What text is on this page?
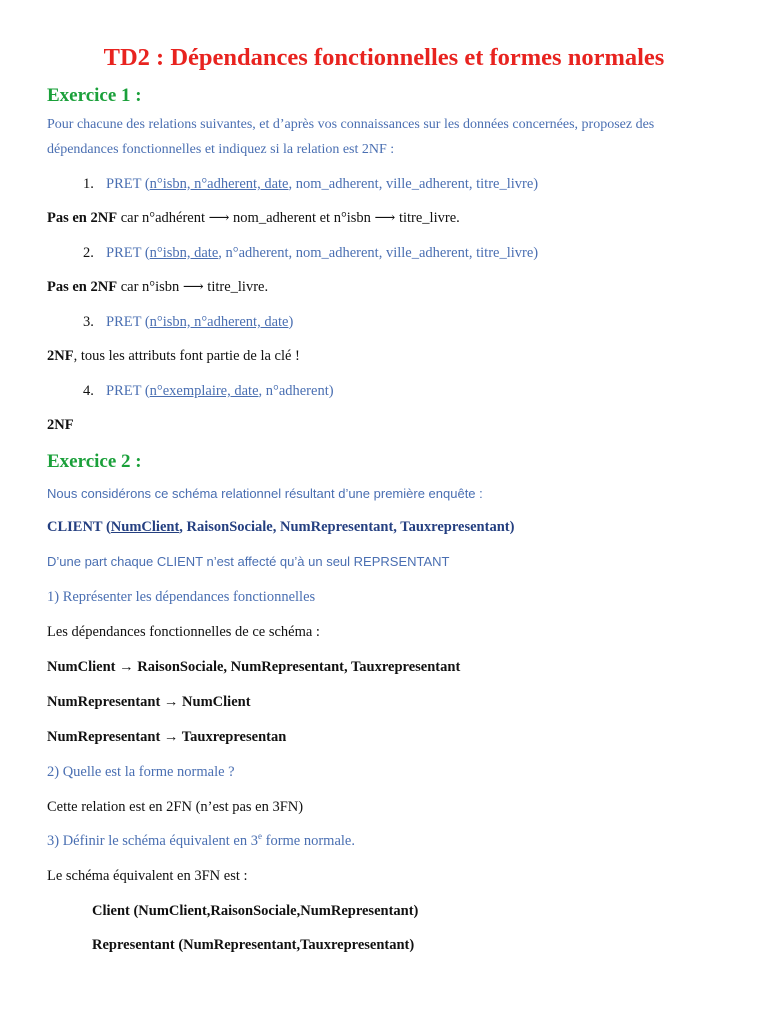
TD2 : Dépendances fonctionnelles et formes normales
Exercice 1 :
Pour chacune des relations suivantes, et d’après vos connaissances sur les données concernées, proposez des
dépendances fonctionnelles et indiquez si la relation est 2NF :
1. PRET (n°isbn, n°adherent, date, nom_adherent, ville_adherent, titre_livre)
Pas en 2NF car n°adhérent ⟶ nom_adherent et n°isbn ⟶ titre_livre.
2. PRET (n°isbn, date, n°adherent, nom_adherent, ville_adherent, titre_livre)
Pas en 2NF car n°isbn ⟶ titre_livre.
3. PRET (n°isbn, n°adherent, date)
2NF, tous les attributs font partie de la clé !
4. PRET (n°exemplaire, date, n°adherent)
2NF
Exercice 2 :
Nous considérons ce schéma relationnel résultant d’une première enquête :
CLIENT (NumClient, RaisonSociale, NumRepresentant, Tauxrepresentant)
D’une part chaque CLIENT n’est affecté qu’à un seul REPRSENTANT
1) Représenter les dépendances fonctionnelles
Les dépendances fonctionnelles de ce schéma :
NumClient → RaisonSociale, NumRepresentant, Tauxrepresentant
NumRepresentant → NumClient
NumRepresentant → Tauxrepresentan
2) Quelle est la forme normale ?
Cette relation est en 2FN (n’est pas en 3FN)
3) Définir le schéma équivalent en 3e forme normale.
Le schéma équivalent en 3FN est :
Client (NumClient,RaisonSociale,NumRepresentant)
Representant (NumRepresentant,Tauxrepresentant)
